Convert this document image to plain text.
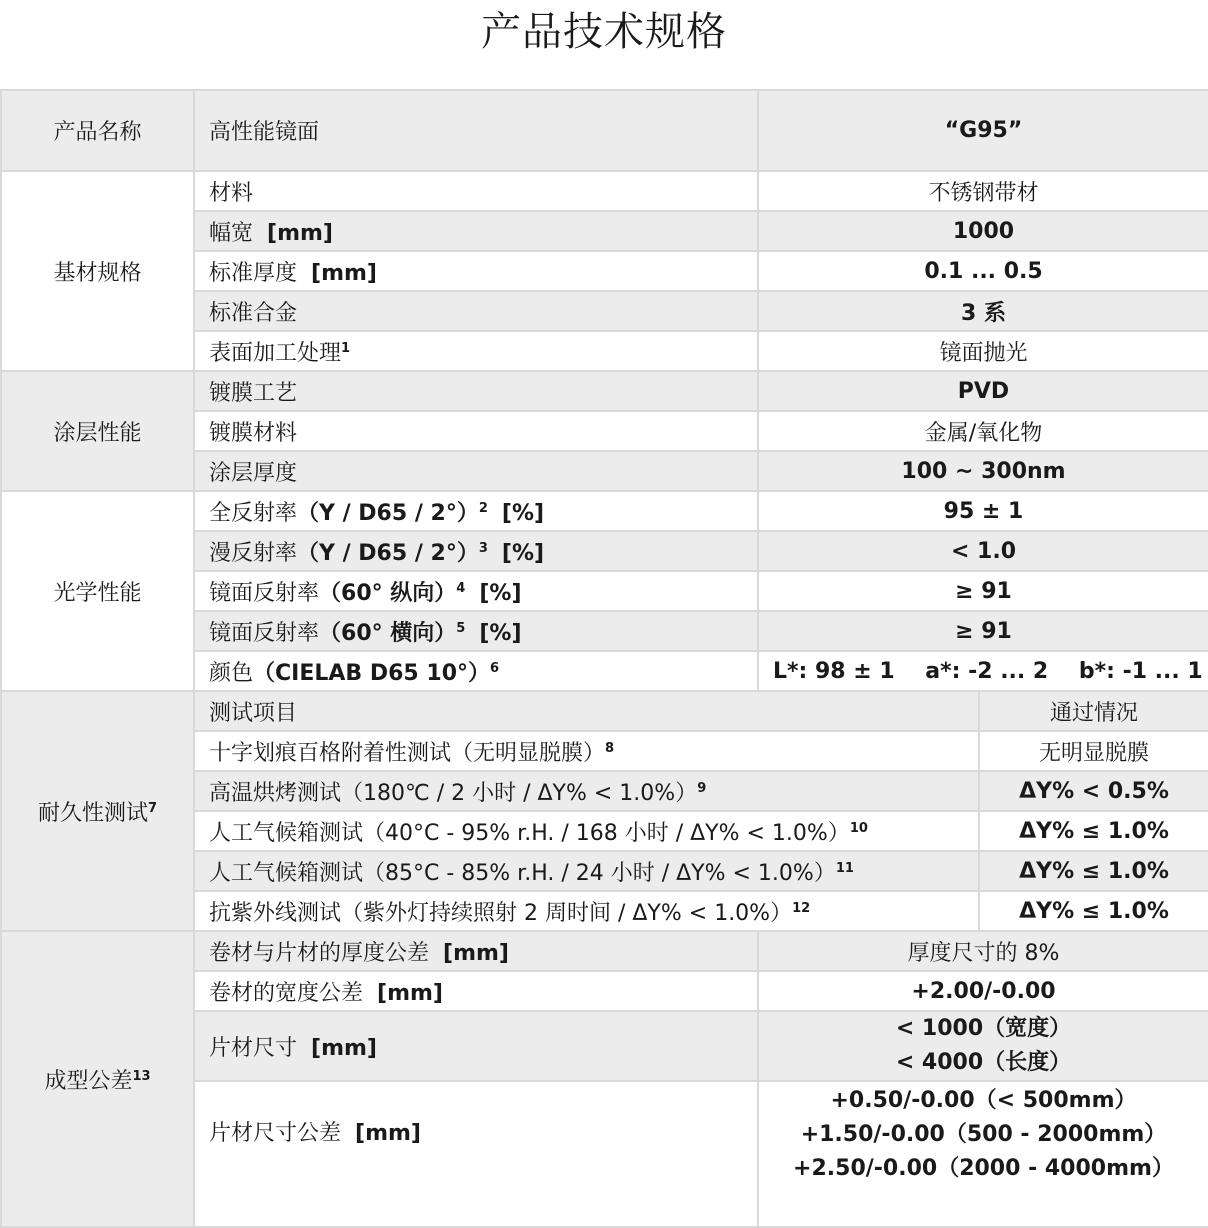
产品技术规格
产品名称	高性能镜面	“G95”	
基材规格	材料	不锈钢带材	
	幅宽 [mm]	1000	
	标准厚度 [mm]	0.1 ... 0.5	
	标准合金	3 系	
	表面加工处理$^1$	镜面抛光	
涂层性能	镀膜工艺	PVD	
	镀膜材料	金属/氧化物	
	涂层厚度	100 ~ 300nm	
光学性能	全反射率（Y / D65 / 2°）$^2$ [%]	95 ± 1	
	漫反射率（Y / D65 / 2°）$^3$ [%]	< 1.0	
	镜面反射率（60° 纵向）$^4$ [%]	≥ 91	
	镜面反射率（60° 横向）$^5$ [%]	≥ 91	
	颜色（CIELAB D65 10°）$^6$	L*: 98 ± 1    a*: -2 ... 2    b*: -1 ... 1	
耐久性测试$^7$	测试项目		通过情况
	十字划痕百格附着性测试（无明显脱膜）$^8$		无明显脱膜
	高温烘烤测试（180℃ / 2 小时 / ΔY% < 1.0%）$^9$		ΔY% < 0.5%
	人工气候箱测试（40°C - 95% r.H. / 168 小时 / ΔY% < 1.0%）$^{10}$		ΔY% ≤ 1.0%
	人工气候箱测试（85°C - 85% r.H. / 24 小时 / ΔY% < 1.0%）$^{11}$		ΔY% ≤ 1.0%
	抗紫外线测试（紫外灯持续照射 2 周时间 / ΔY% < 1.0%）$^{12}$		ΔY% ≤ 1.0%
成型公差$^{13}$	卷材与片材的厚度公差 [mm]	厚度尺寸的 8%	
	卷材的宽度公差 [mm]	+2.00/-0.00	
	片材尺寸 [mm]	< 1000（宽度）
< 4000（长度）	

	片材尺寸公差 [mm]	+0.50/-0.00（< 500mm）
+1.50/-0.00（500 - 2000mm）
+2.50/-0.00（2000 - 4000mm）	
